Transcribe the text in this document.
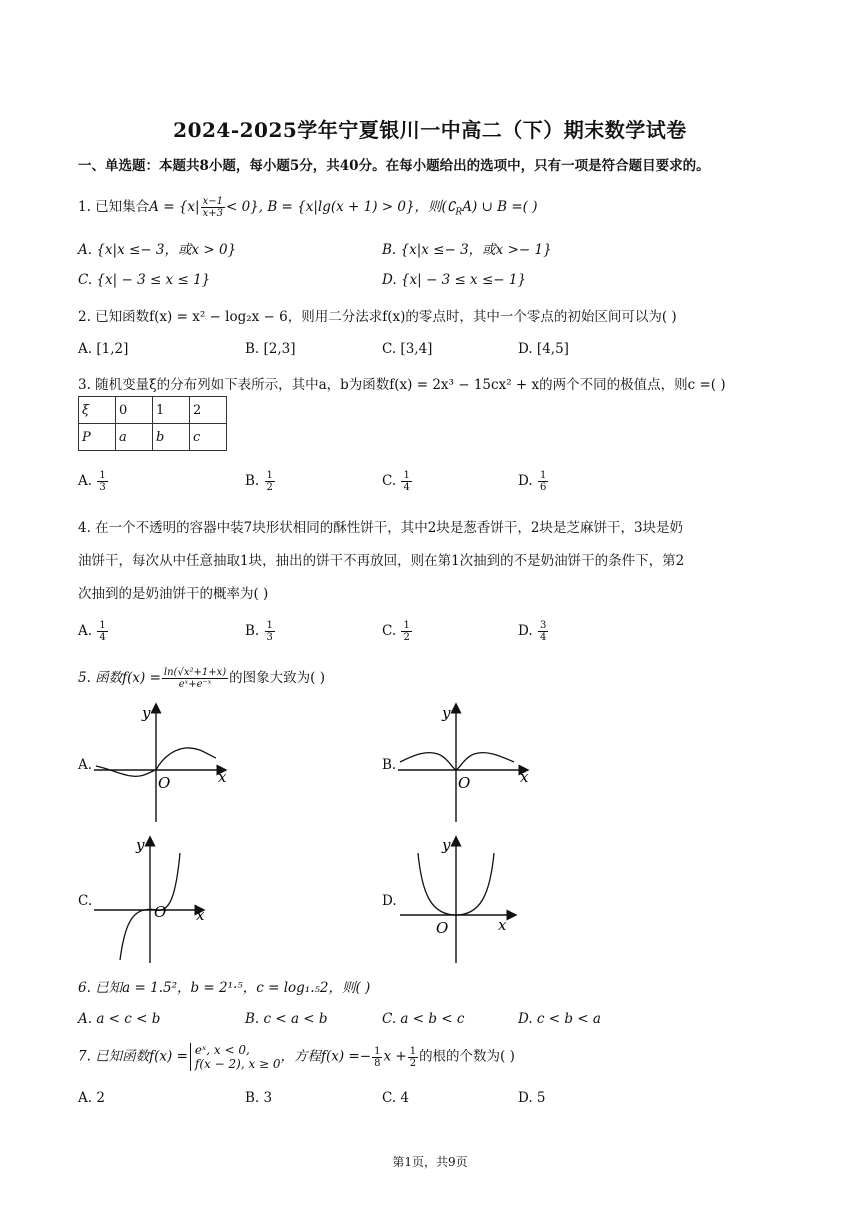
2024-2025学年宁夏银川一中高二（下）期末数学试卷
一、单选题：本题共8小题，每小题5分，共40分。在每小题给出的选项中，只有一项是符合题目要求的。
1. 已知集合$A = \{x| \frac{x-1}{x+3} < 0\}$, B = {x|lg(x + 1) > 0}，则$(∁_RA)$ ∪ B =( )
A. {x|x ≤− 3，或x > 0}	B. {x|x ≤− 3，或x >− 1}
C. {x| − 3 ≤ x ≤ 1}	D. {x| − 3 ≤ x ≤− 1}
2. 已知函数f(x) = x² − log₂x − 6，则用二分法求f(x)的零点时，其中一个零点的初始区间可以为( )
A. [1,2]	B. [2,3]	C. [3,4]	D. [4,5]
3. 随机变量ξ的分布列如下表所示，其中a，b为函数f(x) = 2x³ − 15cx² + x的两个不同的极值点，则c =( )
ξ	0	1	2
P	a	b	c
A. $\frac{1}{3}$	B. $\frac{1}{2}$	C. $\frac{1}{4}$	D. $\frac{1}{6}$
4. 在一个不透明的容器中装7块形状相同的酥性饼干，其中2块是葱香饼干，2块是芝麻饼干，3块是奶
油饼干，每次从中任意抽取1块，抽出的饼干不再放回，则在第1次抽到的不是奶油饼干的条件下，第2
次抽到的是奶油饼干的概率为( )
A. $\frac{1}{4}$	B. $\frac{1}{3}$	C. $\frac{1}{2}$	D. $\frac{3}{4}$
5. 函数$f(x) = \frac{\text{ln(√x²+1+x)}}{\text{eˣ+e⁻ˣ}}$ 的图象大致为( )
A.
y
x
O
B.
y
x
O
C.
y
x
O
D.
y
x
O
6. 已知a = 1.5²，b = 2¹·⁵，c = log₁.₅2，则( )
A. a < c < b	B. c < a < b	C. a < b < c	D. c < b < a
7. 已知函数f(x) = eˣ, x < 0,
f(x − 2), x ≥ 0 ，方程$f(x) =- \frac{1}{8}$ $x + \frac{1}{2}$ 的根的个数为( )
A. 2	B. 3	C. 4	D. 5
第1页，共9页
